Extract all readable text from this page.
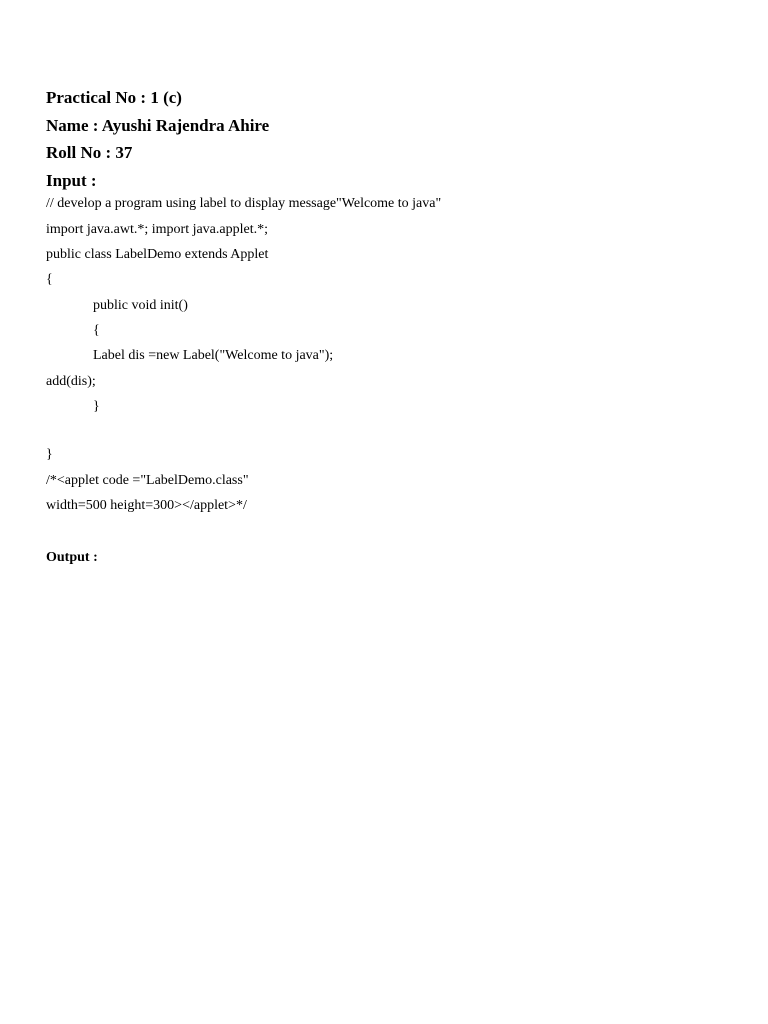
Practical No : 1 (c)
Name : Ayushi Rajendra Ahire
Roll No : 37
Input :
// develop a program using label to display message"Welcome to java"
import java.awt.*; import java.applet.*;
public class LabelDemo extends Applet
{
public void init()
{
Label dis =new Label("Welcome to java");
add(dis);
}
}
/*<applet code ="LabelDemo.class"
width=500 height=300></applet>*/
Output :
